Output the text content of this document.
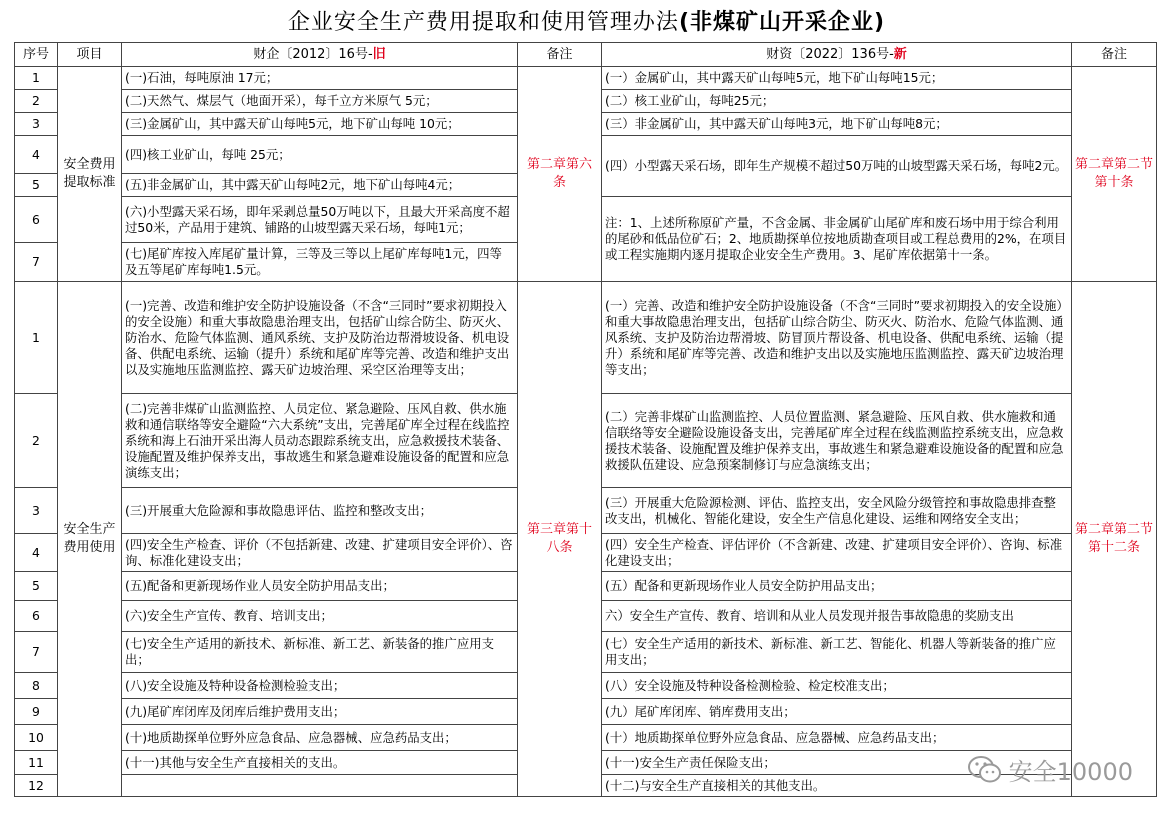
企业安全生产费用提取和使用管理办法(非煤矿山开采企业)
序号	项目	财企〔2012〕16号-旧	备注	财资〔2022〕136号-新	备注
1	安全费用提取标准	(一)石油，每吨原油 17元；	第二章第六条	(一）金属矿山，其中露天矿山每吨5元，地下矿山每吨15元；	第二章第二节第十条
2		(二)天然气、煤层气（地面开采），每千立方米原气 5元；		(二）核工业矿山，每吨25元；	
3		(三)金属矿山，其中露天矿山每吨5元，地下矿山每吨 10元；		(三）非金属矿山，其中露天矿山每吨3元，地下矿山每吨8元；	
4		(四)核工业矿山，每吨 25元；		(四）小型露天采石场，即年生产规模不超过50万吨的山坡型露天采石场，每吨2元。	
5		(五)非金属矿山，其中露天矿山每吨2元，地下矿山每吨4元；			
6		(六)小型露天采石场，即年采剥总量50万吨以下，且最大开采高度不超过50米，产品用于建筑、铺路的山坡型露天采石场，每吨1元；		注：1、上述所称原矿产量，不含金属、非金属矿山尾矿库和废石场中用于综合利用的尾砂和低品位矿石；2、地质勘探单位按地质勘查项目或工程总费用的2%，在项目或工程实施期内逐月提取企业安全生产费用。3、尾矿库依据第十一条。	
7		(七)尾矿库按入库尾矿量计算，三等及三等以上尾矿库每吨1元，四等及五等尾矿库每吨1.5元。			
1	安全生产费用使用	(一)完善、改造和维护安全防护设施设备（不含“三同时”要求初期投入的安全设施）和重大事故隐患治理支出，包括矿山综合防尘、防灭火、防治水、危险气体监测、通风系统、支护及防治边帮滑坡设备、机电设备、供配电系统、运输（提升）系统和尾矿库等完善、改造和维护支出以及实施地压监测监控、露天矿边坡治理、采空区治理等支出；	第三章第十八条	(一）完善、改造和维护安全防护设施设备（不含“三同时”要求初期投入的安全设施）和重大事故隐患治理支出，包括矿山综合防尘、防灭火、防治水、危险气体监测、通风系统、支护及防治边帮滑坡、防冒顶片帮设备、机电设备、供配电系统、运输（提升）系统和尾矿库等完善、改造和维护支出以及实施地压监测监控、露天矿边坡治理等支出；	第二章第二节第十二条
2		(二)完善非煤矿山监测监控、人员定位、紧急避险、压风自救、供水施救和通信联络等安全避险“六大系统”支出，完善尾矿库全过程在线监控系统和海上石油开采出海人员动态跟踪系统支出，应急救援技术装备、设施配置及维护保养支出，事故逃生和紧急避难设施设备的配置和应急演练支出；		(二）完善非煤矿山监测监控、人员位置监测、紧急避险、压风自救、供水施救和通信联络等安全避险设施设备支出，完善尾矿库全过程在线监测监控系统支出，应急救援技术装备、设施配置及维护保养支出，事故逃生和紧急避难设施设备的配置和应急救援队伍建设、应急预案制修订与应急演练支出；	
3		(三)开展重大危险源和事故隐患评估、监控和整改支出；		(三）开展重大危险源检测、评估、监控支出，安全风险分级管控和事故隐患排查整改支出，机械化、智能化建设，安全生产信息化建设、运维和网络安全支出；	
4		(四)安全生产检查、评价（不包括新建、改建、扩建项目安全评价）、咨询、标准化建设支出；		(四）安全生产检查、评估评价（不含新建、改建、扩建项目安全评价）、咨询、标准化建设支出；	
5		(五)配备和更新现场作业人员安全防护用品支出；		(五）配备和更新现场作业人员安全防护用品支出；	
6		(六)安全生产宣传、教育、培训支出；		六）安全生产宣传、教育、培训和从业人员发现并报告事故隐患的奖励支出	
7		(七)安全生产适用的新技术、新标准、新工艺、新装备的推广应用支出；		(七）安全生产适用的新技术、新标准、新工艺、智能化、机器人等新装备的推广应用支出；	
8		(八)安全设施及特种设备检测检验支出；		(八）安全设施及特种设备检测检验、检定校准支出；	
9		(九)尾矿库闭库及闭库后维护费用支出；		(九）尾矿库闭库、销库费用支出；	
10		(十)地质勘探单位野外应急食品、应急器械、应急药品支出；		(十）地质勘探单位野外应急食品、应急器械、应急药品支出；	
11		(十一)其他与安全生产直接相关的支出。		(十一)安全生产责任保险支出；	
12				(十二)与安全生产直接相关的其他支出。		安全10000
